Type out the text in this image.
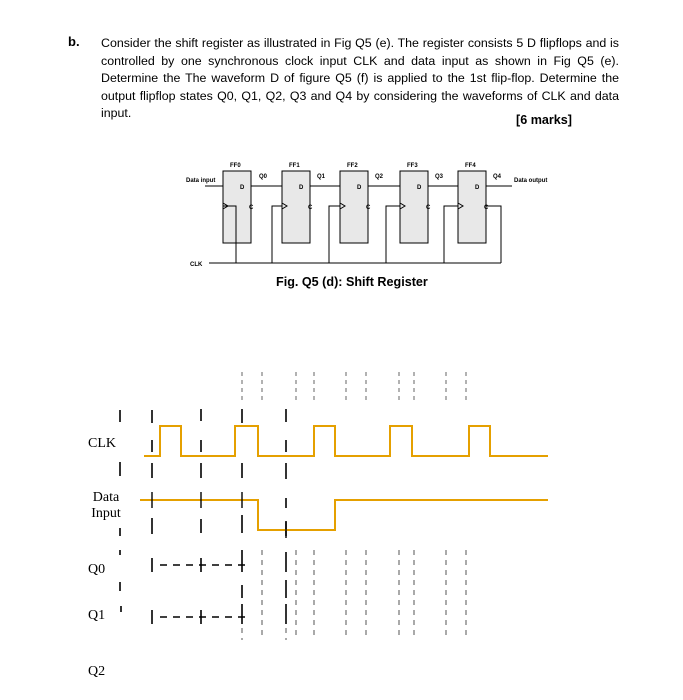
b. Consider the shift register as illustrated in Fig Q5 (e). The register consists 5 D flipflops and is controlled by one synchronous clock input CLK and data input as shown in Fig Q5 (e). Determine the The waveform D of figure Q5 (f) is applied to the 1st flip-flop. Determine the output flipflop states Q0, Q1, Q2, Q3 and Q4 by considering the waveforms of CLK and data input.	[6 marks]
FF0	FF1	FF2	FF3	FF4
D	D	D	D	D
C	C	C	C	C
Q0	Q1	Q2	Q3	Q4
Data input	Data output
CLK
Fig. Q5 (d): Shift Register
CLK
Data Input
Q0
Q1
Q2
